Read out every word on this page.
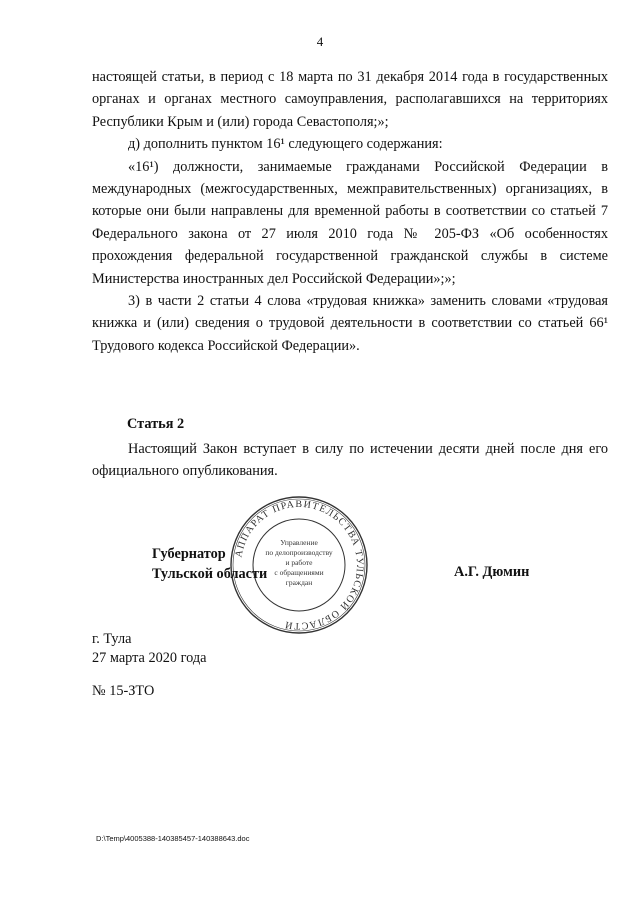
4

настоящей статьи, в период с 18 марта по 31 декабря 2014 года в государственных органах и органах местного самоуправления, располагавшихся на территориях Республики Крым и (или) города Севастополя;»;

д) дополнить пунктом 16¹ следующего содержания:

«16¹) должности, занимаемые гражданами Российской Федерации в международных (межгосударственных, межправительственных) организациях, в которые они были направлены для временной работы в соответствии со статьей 7 Федерального закона от 27 июля 2010 года № 205-ФЗ «Об особенностях прохождения федеральной государственной гражданской службы в системе Министерства иностранных дел Российской Федерации»;»;

3) в части 2 статьи 4 слова «трудовая книжка» заменить словами «трудовая книжка и (или) сведения о трудовой деятельности в соответствии со статьей 66¹ Трудового кодекса Российской Федерации».

Статья 2

Настоящий Закон вступает в силу по истечении десяти дней после дня его официального опубликования.

АППАРАТ ПРАВИТЕЛЬСТВА ТУЛЬСКОЙ ОБЛАСТИ
Управление
по делопроизводству
и работе
с обращениями
граждан
Губернатор
Тульской области	А.Г. Дюмин
г. Тула
27 марта 2020 года
№ 15-ЗТО
D:\Temp\4005388-140385457-140388643.doc
